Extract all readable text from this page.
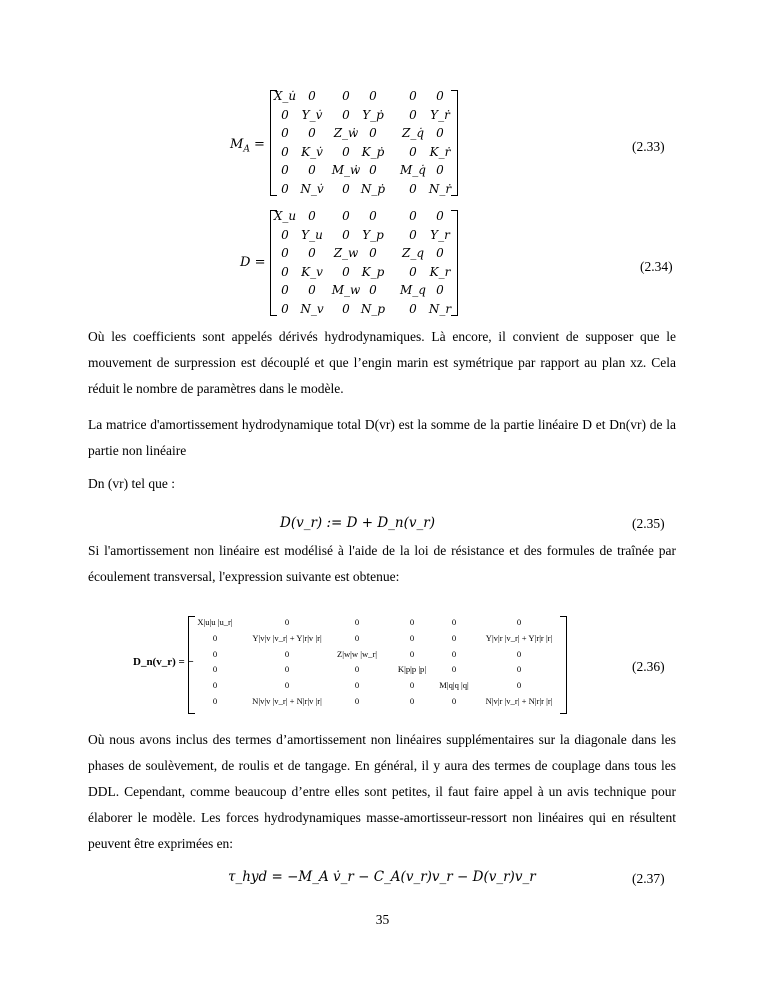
$M_A$ =
X_u̇ 0 0 0	0 0
0 Y_v̇ 0 Y_ṗ 0 Y_ṙ
0 0 Z_ẇ 0 Z_q̇ 0
0 K_v̇ 0 K_ṗ 0 K_ṙ
0 0 M_ẇ 0 M_q̇ 0
0 N_v̇ 0 N_ṗ 0 N_ṙ
(2.33)
D =
X_u 0 0 0	0 0
0 Y_u 0 Y_p 0 Y_r
0 0 Z_w 0 Z_q 0
0 K_v 0 K_p 0 K_r
0 0 M_w 0 M_q 0
0 N_v 0 N_p 0 N_r
(2.34)
Où les coefficients sont appelés dérivés hydrodynamiques. Là encore, il convient de supposer que le mouvement de surpression est découplé et que l’engin marin est symétrique par rapport au plan xz. Cela réduit le nombre de paramètres dans le modèle.
La matrice d'amortissement hydrodynamique total D(vr) est la somme de la partie linéaire D et Dn(vr) de la partie non linéaire
Dn (vr) tel que :
D(v_r) := D + D_n(v_r)	(2.35)
Si l'amortissement non linéaire est modélisé à l'aide de la loi de résistance et des formules de traînée par écoulement transversal, l'expression suivante est obtenue:
D_n(v_r) = −
X|u|u |u_r|	0	0	0	0	0
0	Y|v|v |v_r| + Y|r|v |r|	0	0	0	Y|v|r |v_r| + Y|r|r |r|
0	0	Z|w|w |w_r|	0	0	0
0	0	0	K|p|p |p|	0	0
0	0	0	0	M|q|q |q|	0
0	N|v|v |v_r| + N|r|v |r|	0	0	0	N|v|r |v_r| + N|r|r |r|
(2.36)
Où nous avons inclus des termes d’amortissement non linéaires supplémentaires sur la diagonale dans les phases de soulèvement, de roulis et de tangage. En général, il y aura des termes de couplage dans tous les DDL. Cependant, comme beaucoup d’entre elles sont petites, il faut faire appel à un avis technique pour élaborer le modèle. Les forces hydrodynamiques masse-amortisseur-ressort non linéaires qui en résultent peuvent être exprimées en:
τ_hyd = −M_A v̇_r − C_A(v_r)v_r − D(v_r)v_r	(2.37)
35
